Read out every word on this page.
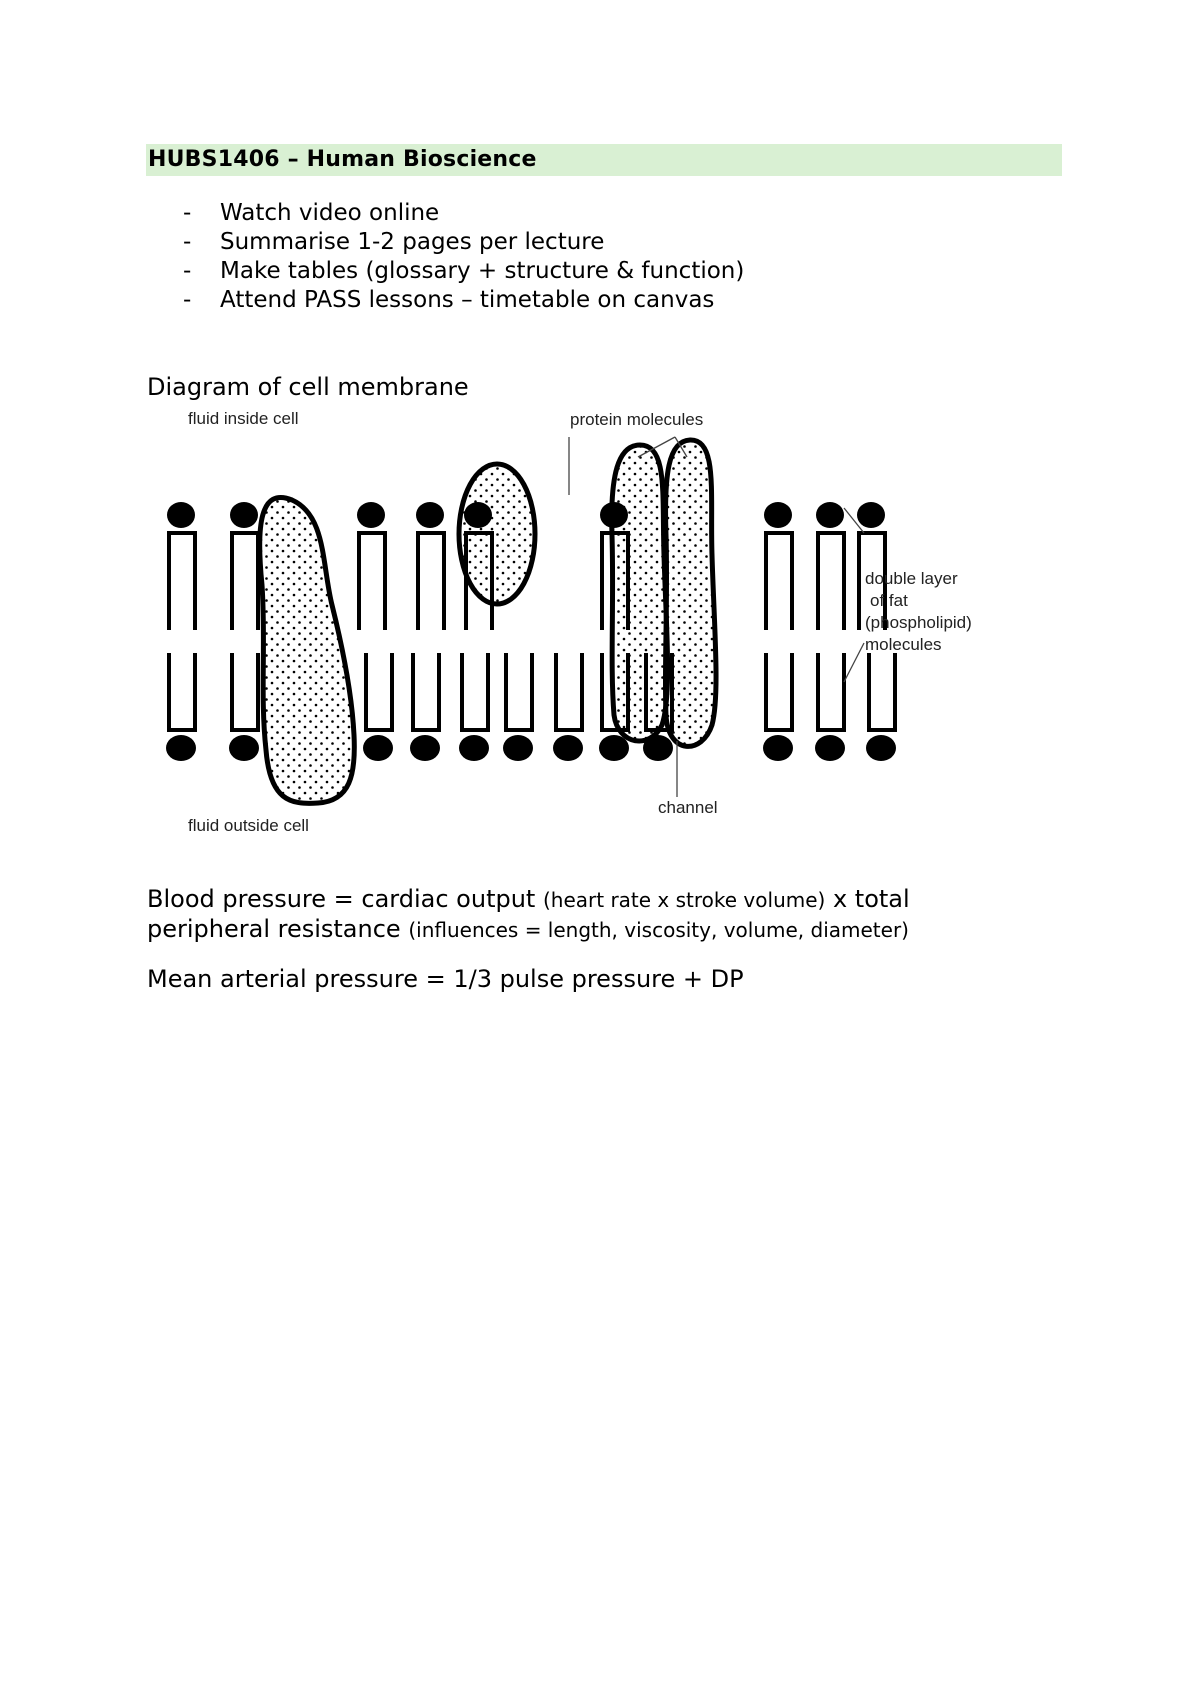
HUBS1406 – Human Bioscience
- Watch video online
- Summarise 1-2 pages per lecture
- Make tables (glossary + structure & function)
- Attend PASS lessons – timetable on canvas
Diagram of cell membrane
fluid inside cell	protein molecules
channel
fluid outside cell
double layer
of fat
(phospholipid)
molecules
Blood pressure = cardiac output (heart rate x stroke volume) x total
peripheral resistance (influences = length, viscosity, volume, diameter)
Mean arterial pressure = 1/3 pulse pressure + DP
